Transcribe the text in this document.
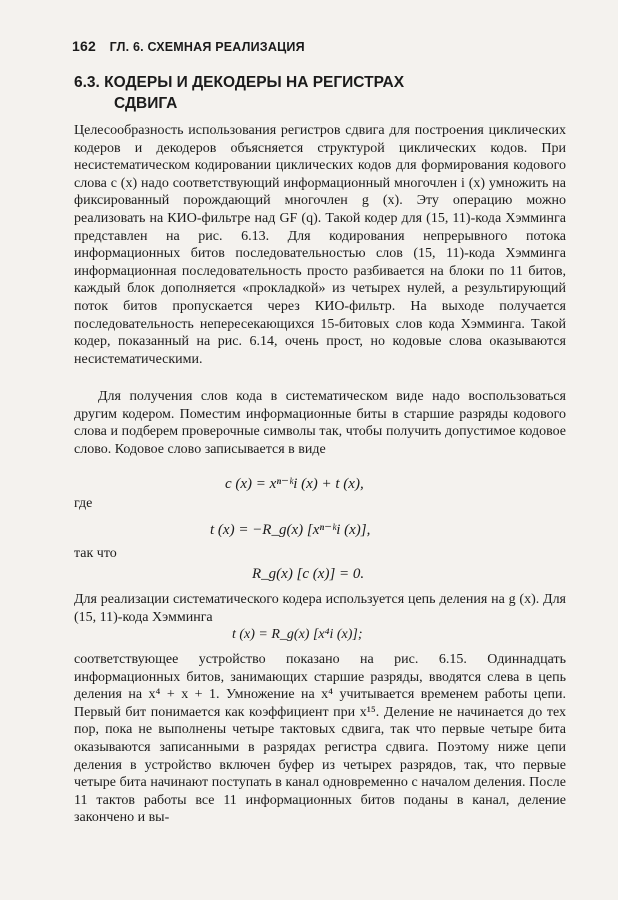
162 ГЛ. 6. СХЕМНАЯ РЕАЛИЗАЦИЯ
6.3. КОДЕРЫ И ДЕКОДЕРЫ НА РЕГИСТРАХ
СДВИГА
Целесообразность использования регистров сдвига для построения циклических кодеров и декодеров объясняется структурой циклических кодов. При несистематическом кодировании циклических кодов для формирования кодового слова c (x) надо соответствующий информационный многочлен i (x) умножить на фиксированный порождающий многочлен g (x). Эту операцию можно реализовать на КИО-фильтре над GF (q). Такой кодер для (15, 11)-кода Хэмминга представлен на рис. 6.13. Для кодирования непрерывного потока информационных битов последовательностью слов (15, 11)-кода Хэмминга информационная последовательность просто разбивается на блоки по 11 битов, каждый блок дополняется «прокладкой» из четырех нулей, а результирующий поток битов пропускается через КИО-фильтр. На выходе получается последовательность непересекающихся 15-битовых слов кода Хэмминга. Такой кодер, показанный на рис. 6.14, очень прост, но кодовые слова оказываются несистематическими.
Для получения слов кода в систематическом виде надо воспользоваться другим кодером. Поместим информационные биты в старшие разряды кодового слова и подберем проверочные символы так, чтобы получить допустимое кодовое слово. Кодовое слово записывается в виде
c (x) = xⁿ⁻ᵏi (x) + t (x),
где
t (x) = −R_g(x) [xⁿ⁻ᵏi (x)],
так что
R_g(x) [c (x)] = 0.
Для реализации систематического кодера используется цепь деления на g (x). Для (15, 11)-кода Хэмминга
t (x) = R_g(x) [x⁴i (x)];
соответствующее устройство показано на рис. 6.15. Одиннадцать информационных битов, занимающих старшие разряды, вводятся слева в цепь деления на x⁴ + x + 1. Умножение на x⁴ учитывается временем работы цепи. Первый бит понимается как коэффициент при x¹⁵. Деление не начинается до тех пор, пока не выполнены четыре тактовых сдвига, так что первые четыре бита оказываются записанными в разрядах регистра сдвига. Поэтому ниже цепи деления в устройство включен буфер из четырех разрядов, так, что первые четыре бита начинают поступать в канал одновременно с началом деления. После 11 тактов работы все 11 информационных битов поданы в канал, деление закончено и вы-
